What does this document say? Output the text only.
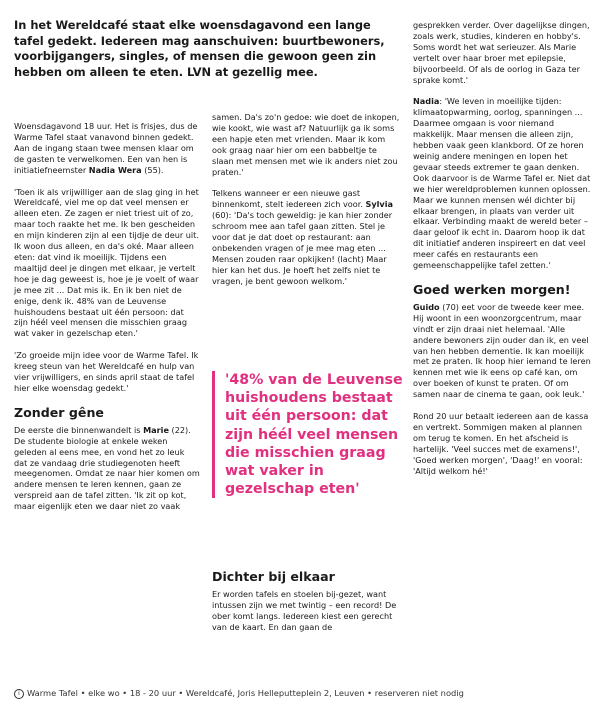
In het Wereldcafé staat elke woensdagavond een lange tafel gedekt. Iedereen mag aanschuiven: buurtbewoners, voorbijgangers, singles, of mensen die gewoon geen zin hebben om alleen te eten. LVN at gezellig mee.

Woensdagavond 18 uur. Het is frisjes, dus de Warme Tafel staat vanavond binnen gedekt. Aan de ingang staan twee mensen klaar om de gasten te verwelkomen. Een van hen is initiatiefneemster Nadia Wera (55).

'Toen ik als vrijwilliger aan de slag ging in het Wereldcafé, viel me op dat veel mensen er alleen eten. Ze zagen er niet triest uit of zo, maar toch raakte het me. Ik ben gescheiden en mijn kinderen zijn al een tijdje de deur uit. Ik woon dus alleen, en da's oké. Maar alleen eten: dat vind ik moeilijk. Tijdens een maaltijd deel je dingen met elkaar, je vertelt hoe je dag geweest is, hoe je je voelt of waar je mee zit ... Dat mis ik. En ik ben niet de enige, denk ik. 48% van de Leuvense huishoudens bestaat uit één persoon: dat zijn héél veel mensen die misschien graag wat vaker in gezelschap eten.'

'Zo groeide mijn idee voor de Warme Tafel. Ik kreeg steun van het Wereldcafé en hulp van vier vrijwilligers, en sinds april staat de tafel hier elke woensdag gedekt.'

Zonder gêne

De eerste die binnenwandelt is Marie (22). De studente biologie at enkele weken geleden al eens mee, en vond het zo leuk dat ze vandaag drie studiegenoten heeft meegenomen. Omdat ze naar hier komen om andere mensen te leren kennen, gaan ze verspreid aan de tafel zitten. 'Ik zit op kot, maar eigenlijk eten we daar niet zo vaak

samen. Da's zo'n gedoe: wie doet de inkopen, wie kookt, wie wast af? Natuurlijk ga ik soms een hapje eten met vrienden. Maar ik kom ook graag naar hier om een babbeltje te slaan met mensen met wie ik anders niet zou praten.'

Telkens wanneer er een nieuwe gast binnenkomt, stelt iedereen zich voor. Sylvia (60): 'Da's toch geweldig: je kan hier zonder schroom mee aan tafel gaan zitten. Stel je voor dat je dat doet op restaurant: aan onbekenden vragen of je mee mag eten ... Mensen zouden raar opkijken! (lacht) Maar hier kan het dus. Je hoeft het zelfs niet te vragen, je bent gewoon welkom.'

'48% van de Leuvense huishoudens bestaat uit één persoon: dat zijn héél veel mensen die misschien graag wat vaker in gezelschap eten'
Dichter bij elkaar

Er worden tafels en stoelen bij-gezet, want intussen zijn we met twintig – een record! De ober komt langs. Iedereen kiest een gerecht van de kaart. En dan gaan de

gesprekken verder. Over dagelijkse dingen, zoals werk, studies, kinderen en hobby's. Soms wordt het wat serieuzer. Als Marie vertelt over haar broer met epilepsie, bijvoorbeeld. Of als de oorlog in Gaza ter sprake komt.'

Nadia: 'We leven in moeilijke tijden: klimaatopwarming, oorlog, spanningen ... Daarmee omgaan is voor niemand makkelijk. Maar mensen die alleen zijn, hebben vaak geen klankbord. Of ze horen weinig andere meningen en lopen het gevaar steeds extremer te gaan denken. Ook daarvoor is de Warme Tafel er. Niet dat we hier wereldproblemen kunnen oplossen. Maar we kunnen mensen wél dichter bij elkaar brengen, in plaats van verder uit elkaar. Verbinding maakt de wereld beter – daar geloof ik echt in. Daarom hoop ik dat dit initiatief anderen inspireert en dat veel meer cafés en restaurants een gemeenschappelijke tafel zetten.'

Goed werken morgen!

Guido (70) eet voor de tweede keer mee. Hij woont in een woonzorgcentrum, maar vindt er zijn draai niet helemaal. 'Alle andere bewoners zijn ouder dan ik, en veel van hen hebben dementie. Ik kan moeilijk met ze praten. Ik hoop hier iemand te leren kennen met wie ik eens op café kan, om over boeken of kunst te praten. Of om samen naar de cinema te gaan, ook leuk.'

Rond 20 uur betaalt iedereen aan de kassa en vertrekt. Sommigen maken al plannen om terug te komen. En het afscheid is hartelijk. 'Veel succes met de examens!', 'Goed werken morgen', 'Daag!' en vooral: 'Altijd welkom hé!'

i Warme Tafel • elke wo • 18 - 20 uur • Wereldcafé, Joris Helleputteplein 2, Leuven • reserveren niet nodig
